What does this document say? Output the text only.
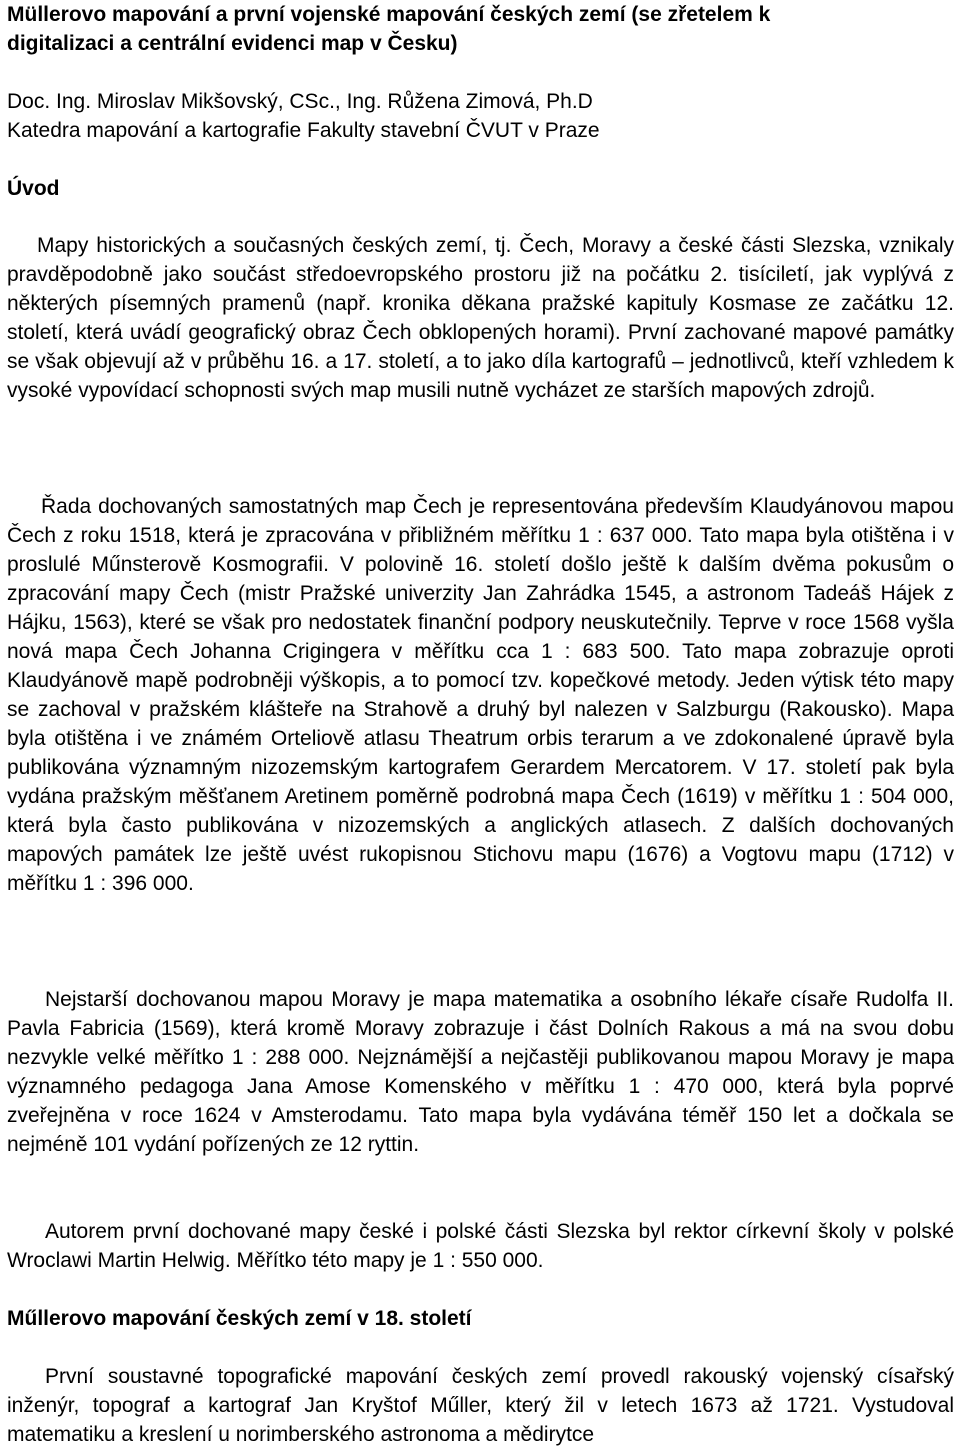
Müllerovo mapování a první vojenské mapování českých zemí (se zřetelem k
digitalizaci a centrální evidenci map v Česku)
Doc. Ing. Miroslav Mikšovský, CSc., Ing. Růžena Zimová, Ph.D
Katedra mapování a kartografie Fakulty stavební ČVUT v Praze
Úvod

Mapy historických a současných českých zemí, tj. Čech, Moravy a české části Slezska, vznikaly pravděpodobně jako součást středoevropského prostoru již na počátku 2. tisíciletí, jak vyplývá z některých písemných pramenů (např. kronika děkana pražské kapituly Kosmase ze začátku 12. století, která uvádí geografický obraz Čech obklopených horami). První zachované mapové památky se však objevují až v průběhu 16. a 17. století, a to jako díla kartografů – jednotlivců, kteří vzhledem k vysoké vypovídací schopnosti svých map musili nutně vycházet ze starších mapových zdrojů.

Řada dochovaných samostatných map Čech je representována především Klaudyánovou mapou Čech z roku 1518, která je zpracována v přibližném měřítku 1 : 637 000. Tato mapa byla otištěna i v proslulé Műnsterově Kosmografii. V polovině 16. století došlo ještě k dalším dvěma pokusům o zpracování mapy Čech (mistr Pražské univerzity Jan Zahrádka 1545, a astronom Tadeáš Hájek z Hájku, 1563), které se však pro nedostatek finanční podpory neuskutečnily. Teprve v roce 1568 vyšla nová mapa Čech Johanna Crigingera v měřítku cca 1 : 683 500. Tato mapa zobrazuje oproti Klaudyánově mapě podrobněji výškopis, a to pomocí tzv. kopečkové metody. Jeden výtisk této mapy se zachoval v pražském klášteře na Strahově a druhý byl nalezen v Salzburgu (Rakousko). Mapa byla otištěna i ve známém Orteliově atlasu Theatrum orbis terarum a ve zdokonalené úpravě byla publikována významným nizozemským kartografem Gerardem Mercatorem. V 17. století pak byla vydána pražským měšťanem Aretinem poměrně podrobná mapa Čech (1619) v měřítku 1 : 504 000, která byla často publikována v nizozemských a anglických atlasech. Z dalších dochovaných mapových památek lze ještě uvést rukopisnou Stichovu mapu (1676) a Vogtovu mapu (1712) v měřítku 1 : 396 000.

Nejstarší dochovanou mapou Moravy je mapa matematika a osobního lékaře císaře Rudolfa II. Pavla Fabricia (1569), která kromě Moravy zobrazuje i část Dolních Rakous a má na svou dobu nezvykle velké měřítko 1 : 288 000. Nejznámější a nejčastěji publikovanou mapou Moravy je mapa významného pedagoga Jana Amose Komenského v měřítku 1 : 470 000, která byla poprvé zveřejněna v roce 1624 v Amsterodamu. Tato mapa byla vydávána téměř 150 let a dočkala se nejméně 101 vydání pořízených ze 12 ryttin.

Autorem první dochované mapy české i polské části Slezska byl rektor církevní školy v polské Wroclawi Martin Helwig. Měřítko této mapy je 1 : 550 000.

Műllerovo mapování českých zemí v 18. století

První soustavné topografické mapování českých zemí provedl rakouský vojenský císařský inženýr, topograf a kartograf Jan Kryštof Műller, který žil v letech 1673 až 1721. Vystudoval matematiku a kreslení u norimberského astronoma a mědirytce
